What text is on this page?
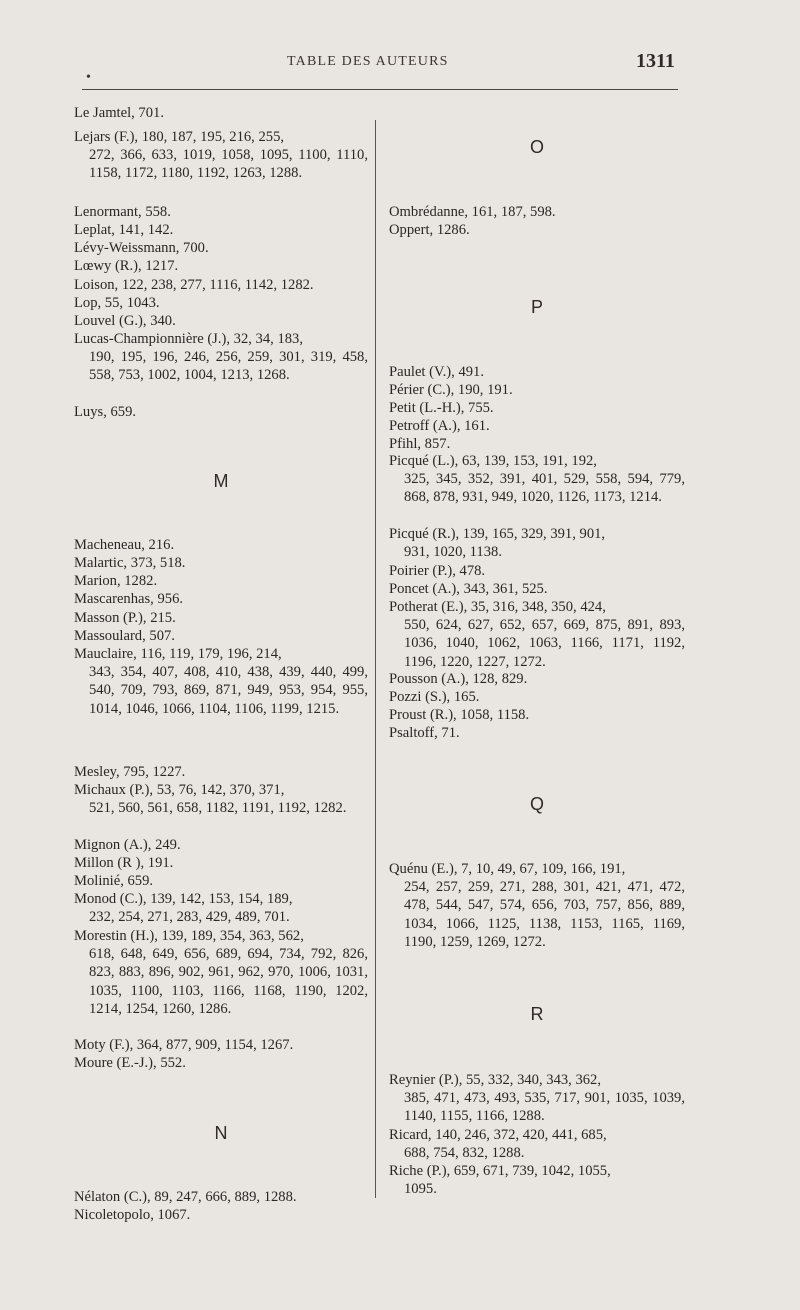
•
TABLE DES AUTEURS	1311
Le Jamtel, 701.
Lejars (F.), 180, 187, 195, 216, 255,
272, 366, 633, 1019, 1058, 1095, 1100, 1110, 1158, 1172, 1180, 1192, 1263, 1288.
Lenormant, 558.
Leplat, 141, 142.
Lévy-Weissmann, 700.
Lœwy (R.), 1217.
Loison, 122, 238, 277, 1116, 1142, 1282.
Lop, 55, 1043.
Louvel (G.), 340.
Lucas-Championnière (J.), 32, 34, 183,
190, 195, 196, 246, 256, 259, 301, 319, 458, 558, 753, 1002, 1004, 1213, 1268.
Luys, 659.
M
Macheneau, 216.
Malartic, 373, 518.
Marion, 1282.
Mascarenhas, 956.
Masson (P.), 215.
Massoulard, 507.
Mauclaire, 116, 119, 179, 196, 214,
343, 354, 407, 408, 410, 438, 439, 440, 499, 540, 709, 793, 869, 871, 949, 953, 954, 955, 1014, 1046, 1066, 1104, 1106, 1199, 1215.
Mesley, 795, 1227.
Michaux (P.), 53, 76, 142, 370, 371,
521, 560, 561, 658, 1182, 1191, 1192, 1282.
Mignon (A.), 249.
Millon (R ), 191.
Molinié, 659.
Monod (C.), 139, 142, 153, 154, 189,
232, 254, 271, 283, 429, 489, 701.
Morestin (H.), 139, 189, 354, 363, 562,
618, 648, 649, 656, 689, 694, 734, 792, 826, 823, 883, 896, 902, 961, 962, 970, 1006, 1031, 1035, 1100, 1103, 1166, 1168, 1190, 1202, 1214, 1254, 1260, 1286.
Moty (F.), 364, 877, 909, 1154, 1267.
Moure (E.-J.), 552.
N
Nélaton (C.), 89, 247, 666, 889, 1288.
Nicoletopolo, 1067.
O
Ombrédanne, 161, 187, 598.
Oppert, 1286.
P
Paulet (V.), 491.
Périer (C.), 190, 191.
Petit (L.-H.), 755.
Petroff (A.), 161.
Pfihl, 857.
Picqué (L.), 63, 139, 153, 191, 192,
325, 345, 352, 391, 401, 529, 558, 594, 779, 868, 878, 931, 949, 1020, 1126, 1173, 1214.
Picqué (R.), 139, 165, 329, 391, 901,
931, 1020, 1138.
Poirier (P.), 478.
Poncet (A.), 343, 361, 525.
Potherat (E.), 35, 316, 348, 350, 424,
550, 624, 627, 652, 657, 669, 875, 891, 893, 1036, 1040, 1062, 1063, 1166, 1171, 1192, 1196, 1220, 1227, 1272.
Pousson (A.), 128, 829.
Pozzi (S.), 165.
Proust (R.), 1058, 1158.
Psaltoff, 71.
Q
Quénu (E.), 7, 10, 49, 67, 109, 166, 191,
254, 257, 259, 271, 288, 301, 421, 471, 472, 478, 544, 547, 574, 656, 703, 757, 856, 889, 1034, 1066, 1125, 1138, 1153, 1165, 1169, 1190, 1259, 1269, 1272.
R
Reynier (P.), 55, 332, 340, 343, 362,
385, 471, 473, 493, 535, 717, 901, 1035, 1039, 1140, 1155, 1166, 1288.
Ricard, 140, 246, 372, 420, 441, 685,
688, 754, 832, 1288.
Riche (P.), 659, 671, 739, 1042, 1055,
1095.
